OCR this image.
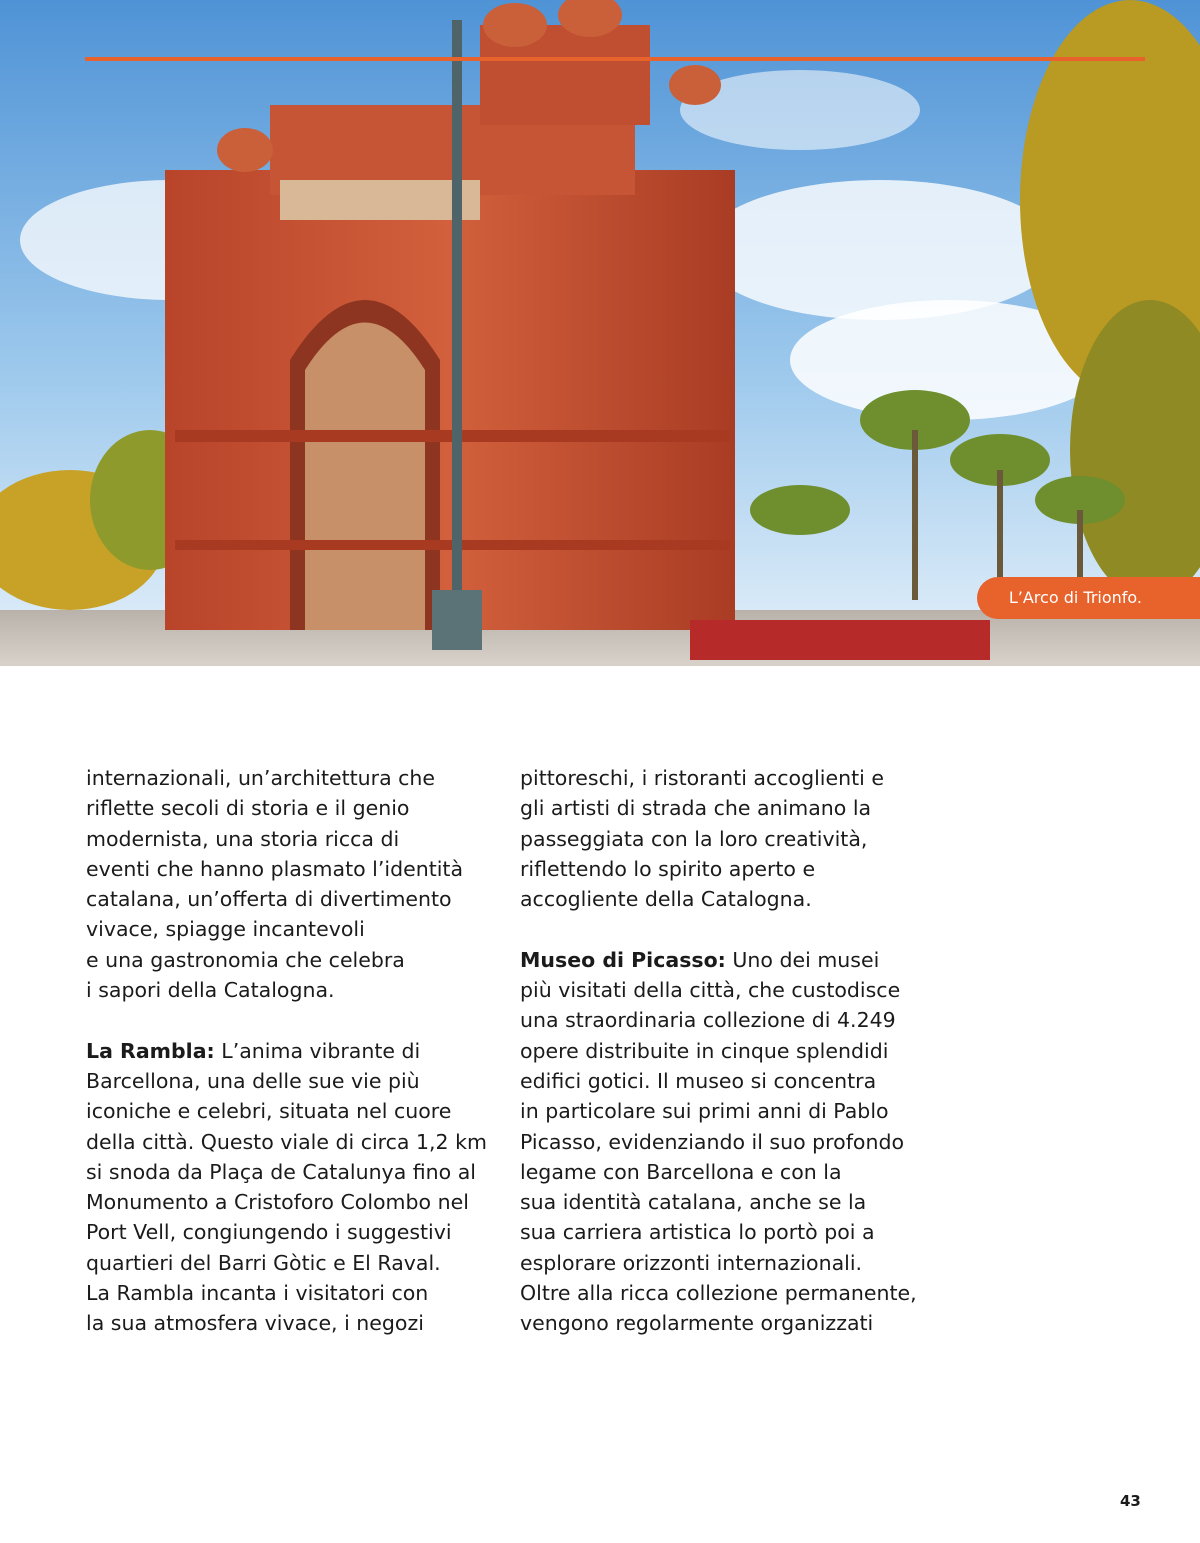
L’Arco di Trionfo.

internazionali, un’architettura che
riflette secoli di storia e il genio
modernista, una storia ricca di
eventi che hanno plasmato l’identità
catalana, un’offerta di divertimento
vivace, spiagge incantevoli
e una gastronomia che celebra
i sapori della Catalogna.

La Rambla: L’anima vibrante di
Barcellona, una delle sue vie più
iconiche e celebri, situata nel cuore
della città. Questo viale di circa 1,2 km
si snoda da Plaça de Catalunya fino al
Monumento a Cristoforo Colombo nel
Port Vell, congiungendo i suggestivi
quartieri del Barri Gòtic e El Raval.
La Rambla incanta i visitatori con
la sua atmosfera vivace, i negozi

pittoreschi, i ristoranti accoglienti e
gli artisti di strada che animano la
passeggiata con la loro creatività,
riflettendo lo spirito aperto e
accogliente della Catalogna.

Museo di Picasso: Uno dei musei
più visitati della città, che custodisce
una straordinaria collezione di 4.249
opere distribuite in cinque splendidi
edifici gotici. Il museo si concentra
in particolare sui primi anni di Pablo
Picasso, evidenziando il suo profondo
legame con Barcellona e con la
sua identità catalana, anche se la
sua carriera artistica lo portò poi a
esplorare orizzonti internazionali.
Oltre alla ricca collezione permanente,
vengono regolarmente organizzati

43
